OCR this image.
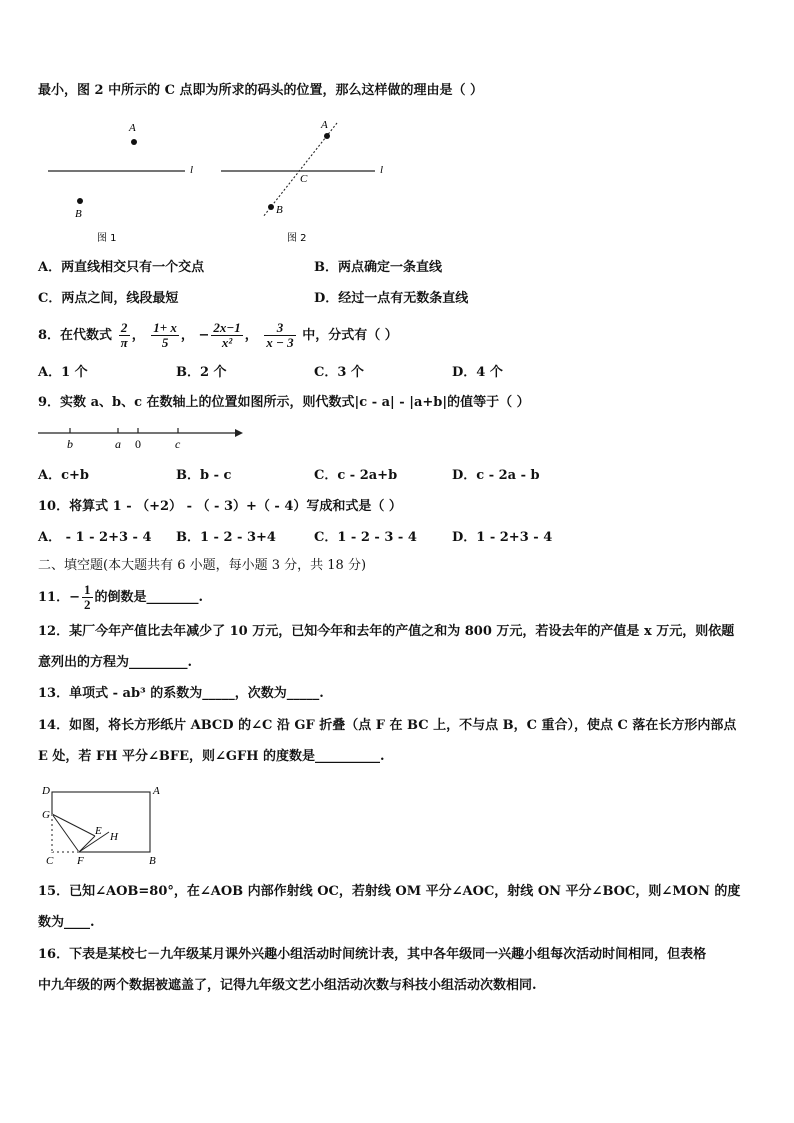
最小，图 2 中所示的 C 点即为所求的码头的位置，那么这样做的理由是（ ）
A
B
l
图 1
A
B
C
l
图 2
A．两直线相交只有一个交点	B．两点确定一条直线
C．两点之间，线段最短	D．经过一点有无数条直线
8．在代数式 $\frac{2}{\pi}$ ， $\frac{1+ x}{5}$ ， − $\frac{2x-1}{\text{x²}}$ ， $\frac{3}{x - 3}$ 中，分式有（ ）
A．1 个	B．2 个	C．3 个	D．4 个
9．实数 a、b、c 在数轴上的位置如图所示，则代数式|c - a| - |a+b|的值等于（ ）
b	a 0	c
A．c+b	B．b - c	C．c - 2a+b	D．c - 2a - b
10．将算式 1 - （+2） - （ - 3）+（ - 4）写成和式是（ ）
A． - 1 - 2+3 - 4 B．1 - 2 - 3+4	C．1 - 2 - 3 - 4	D．1 - 2+3 - 4
二、填空题(本大题共有 6 小题，每小题 3 分，共 18 分)
11．− $\frac{1}{2}$ 的倒数是________.
12．某厂今年产值比去年减少了 10 万元，已知今年和去年的产值之和为 800 万元，若设去年的产值是 x 万元，则依题
意列出的方程为_________.
13．单项式 - ab³ 的系数为_____，次数为_____.
14．如图，将长方形纸片 ABCD 的∠C 沿 GF 折叠（点 F 在 BC 上，不与点 B，C 重合），使点 C 落在长方形内部点
E 处，若 FH 平分∠BFE，则∠GFH 的度数是__________.
D	A
G
E H
C F	B
15．已知∠AOB=80°，在∠AOB 内部作射线 OC，若射线 OM 平分∠AOC，射线 ON 平分∠BOC，则∠MON 的度
数为____.
16．下表是某校七－九年级某月课外兴趣小组活动时间统计表，其中各年级同一兴趣小组每次活动时间相同，但表格
中九年级的两个数据被遮盖了，记得九年级文艺小组活动次数与科技小组活动次数相同.
